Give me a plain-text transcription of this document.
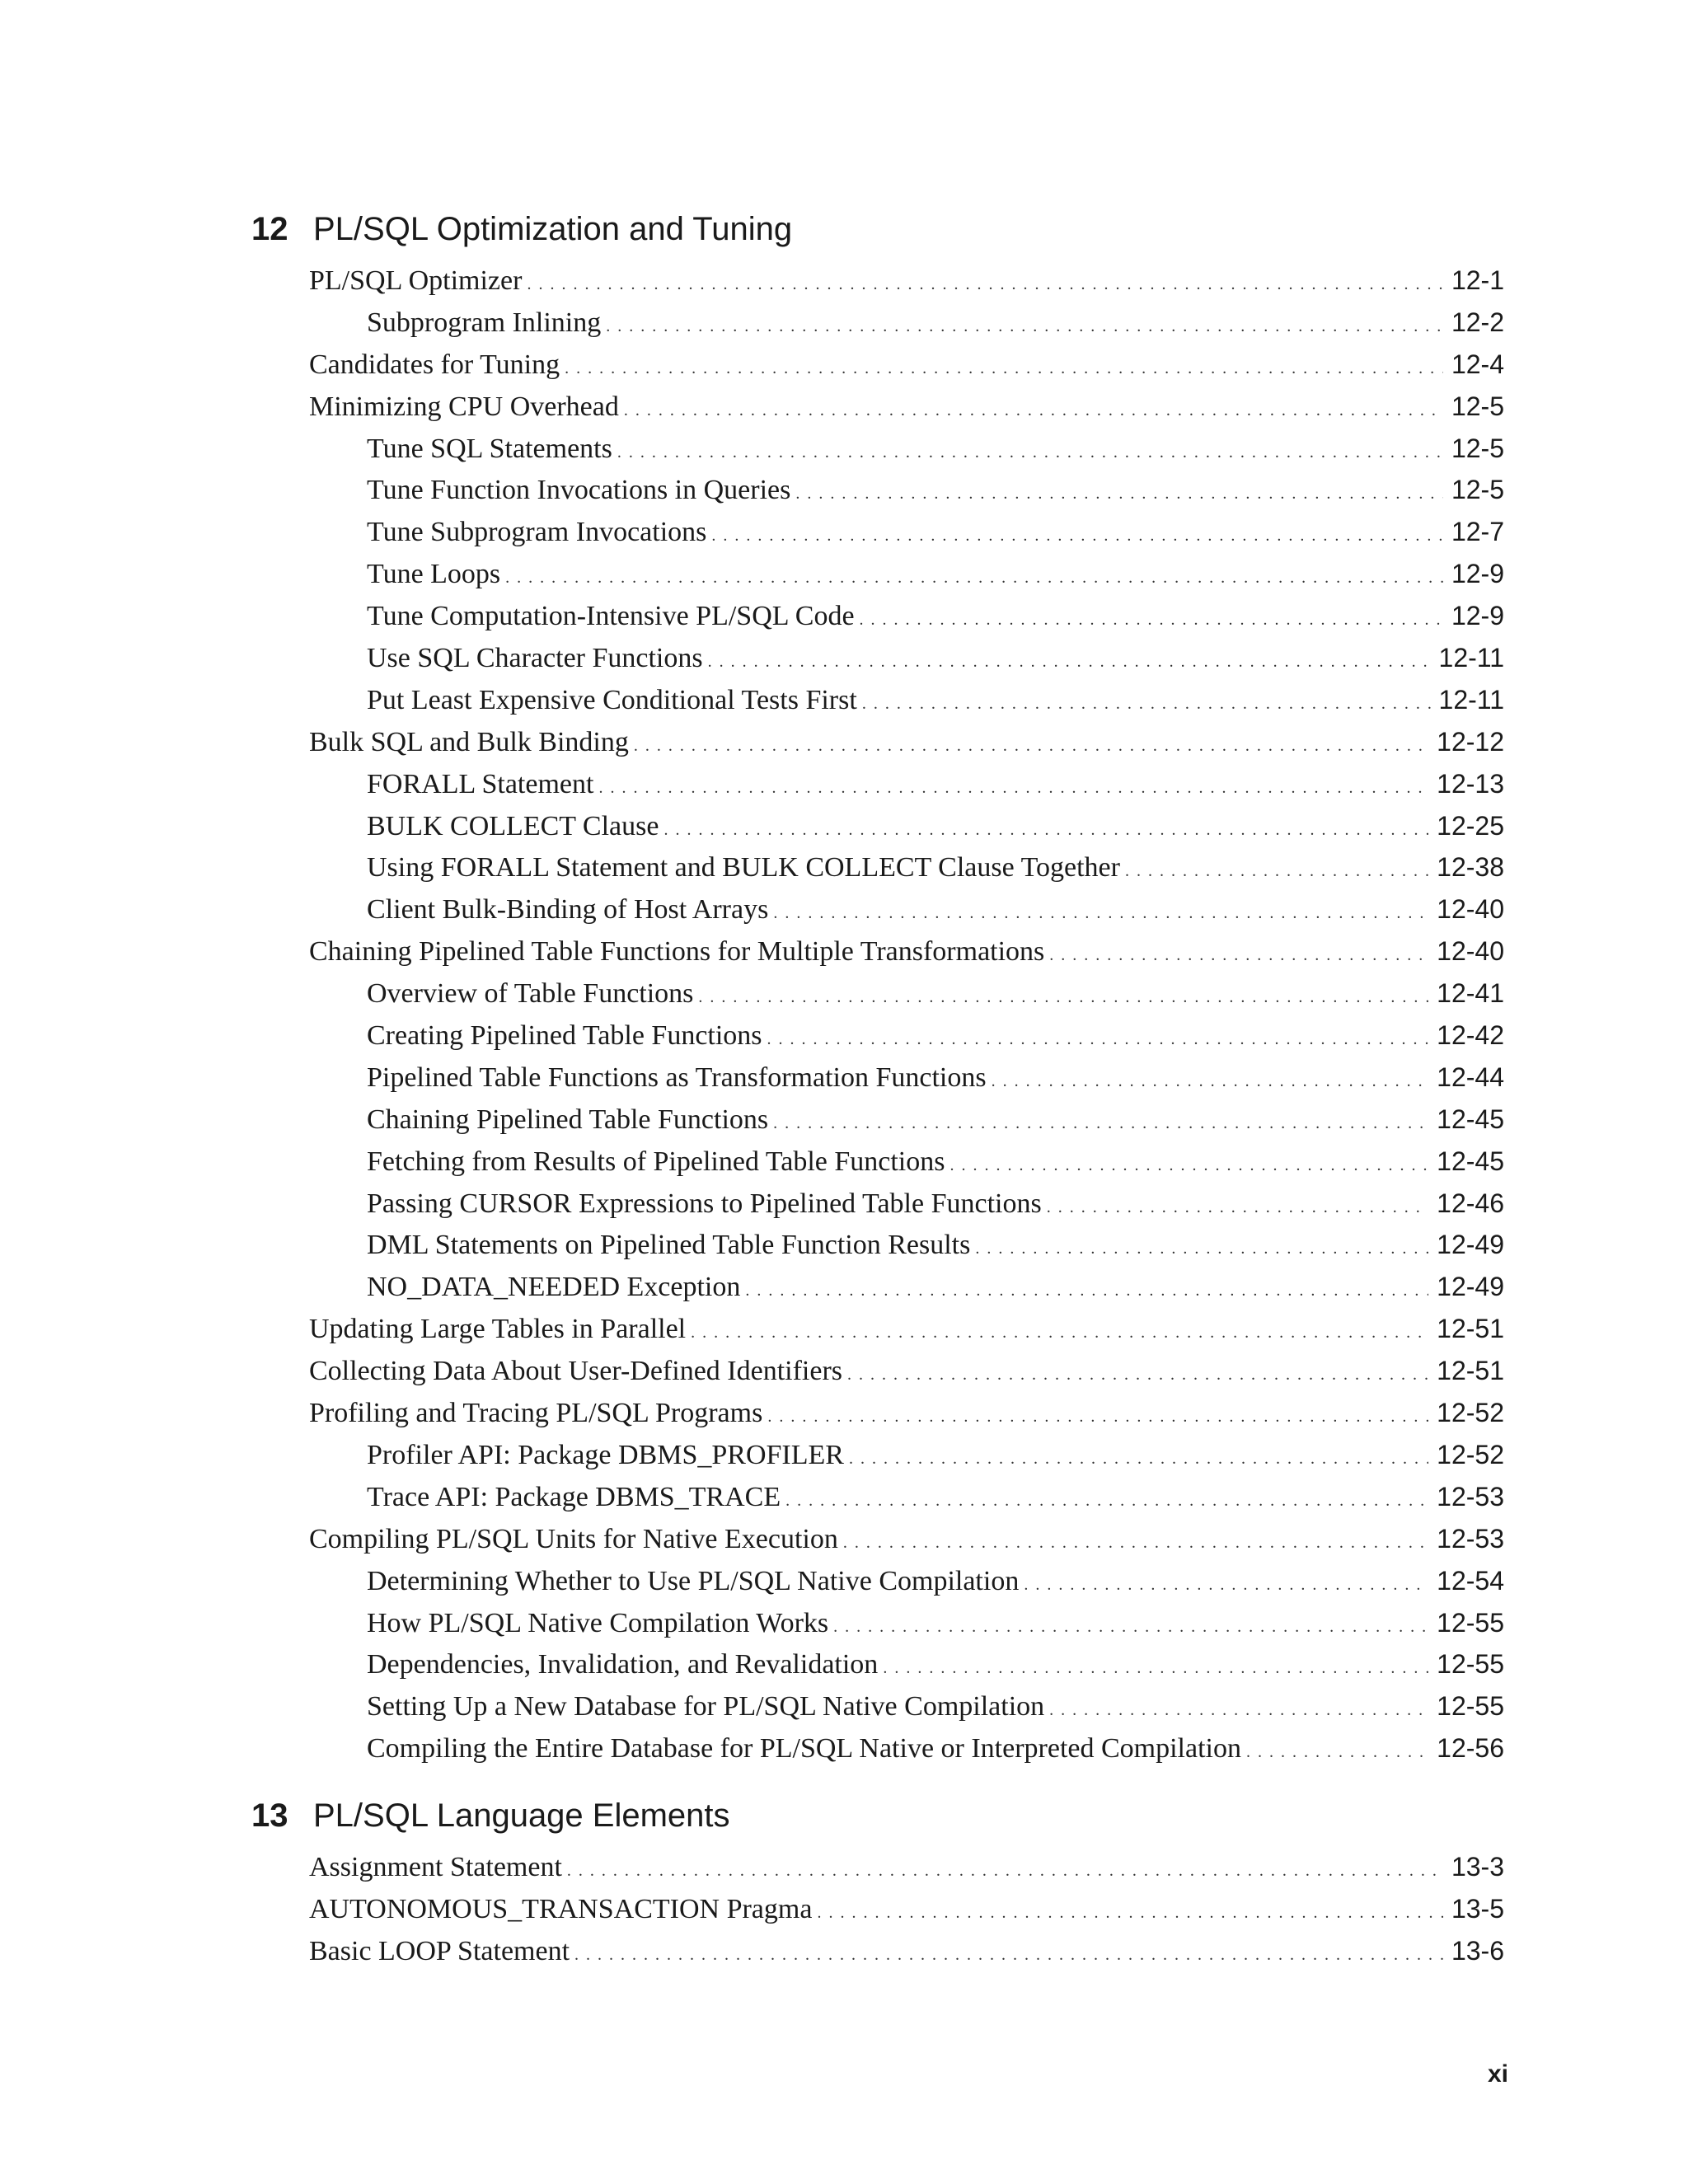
12 PL/SQL Optimization and Tuning
PL/SQL Optimizer . . .	12-1
Subprogram Inlining . . .	12-2
Candidates for Tuning . . .	12-4
Minimizing CPU Overhead . . .	12-5
Tune SQL Statements . . .	12-5
Tune Function Invocations in Queries . . .	12-5
Tune Subprogram Invocations . . .	12-7
Tune Loops . . .	12-9
Tune Computation-Intensive PL/SQL Code . . .	12-9
Use SQL Character Functions . . .	12-11
Put Least Expensive Conditional Tests First . . .	12-11
Bulk SQL and Bulk Binding . . .	12-12
FORALL Statement . . .	12-13
BULK COLLECT Clause . . .	12-25
Using FORALL Statement and BULK COLLECT Clause Together . . .	12-38
Client Bulk-Binding of Host Arrays . . .	12-40
Chaining Pipelined Table Functions for Multiple Transformations . . .	12-40
Overview of Table Functions . . .	12-41
Creating Pipelined Table Functions . . .	12-42
Pipelined Table Functions as Transformation Functions . . .	12-44
Chaining Pipelined Table Functions . . .	12-45
Fetching from Results of Pipelined Table Functions . . .	12-45
Passing CURSOR Expressions to Pipelined Table Functions . . .	12-46
DML Statements on Pipelined Table Function Results . . .	12-49
NO_DATA_NEEDED Exception . . .	12-49
Updating Large Tables in Parallel . . .	12-51
Collecting Data About User-Defined Identifiers . . .	12-51
Profiling and Tracing PL/SQL Programs . . .	12-52
Profiler API: Package DBMS_PROFILER . . .	12-52
Trace API: Package DBMS_TRACE . . .	12-53
Compiling PL/SQL Units for Native Execution . . .	12-53
Determining Whether to Use PL/SQL Native Compilation . . .	12-54
How PL/SQL Native Compilation Works . . .	12-55
Dependencies, Invalidation, and Revalidation . . .	12-55
Setting Up a New Database for PL/SQL Native Compilation . . .	12-55
Compiling the Entire Database for PL/SQL Native or Interpreted Compilation . . .	12-56
13 PL/SQL Language Elements
Assignment Statement . . .	13-3
AUTONOMOUS_TRANSACTION Pragma . . .	13-5
Basic LOOP Statement . . .	13-6
xi
